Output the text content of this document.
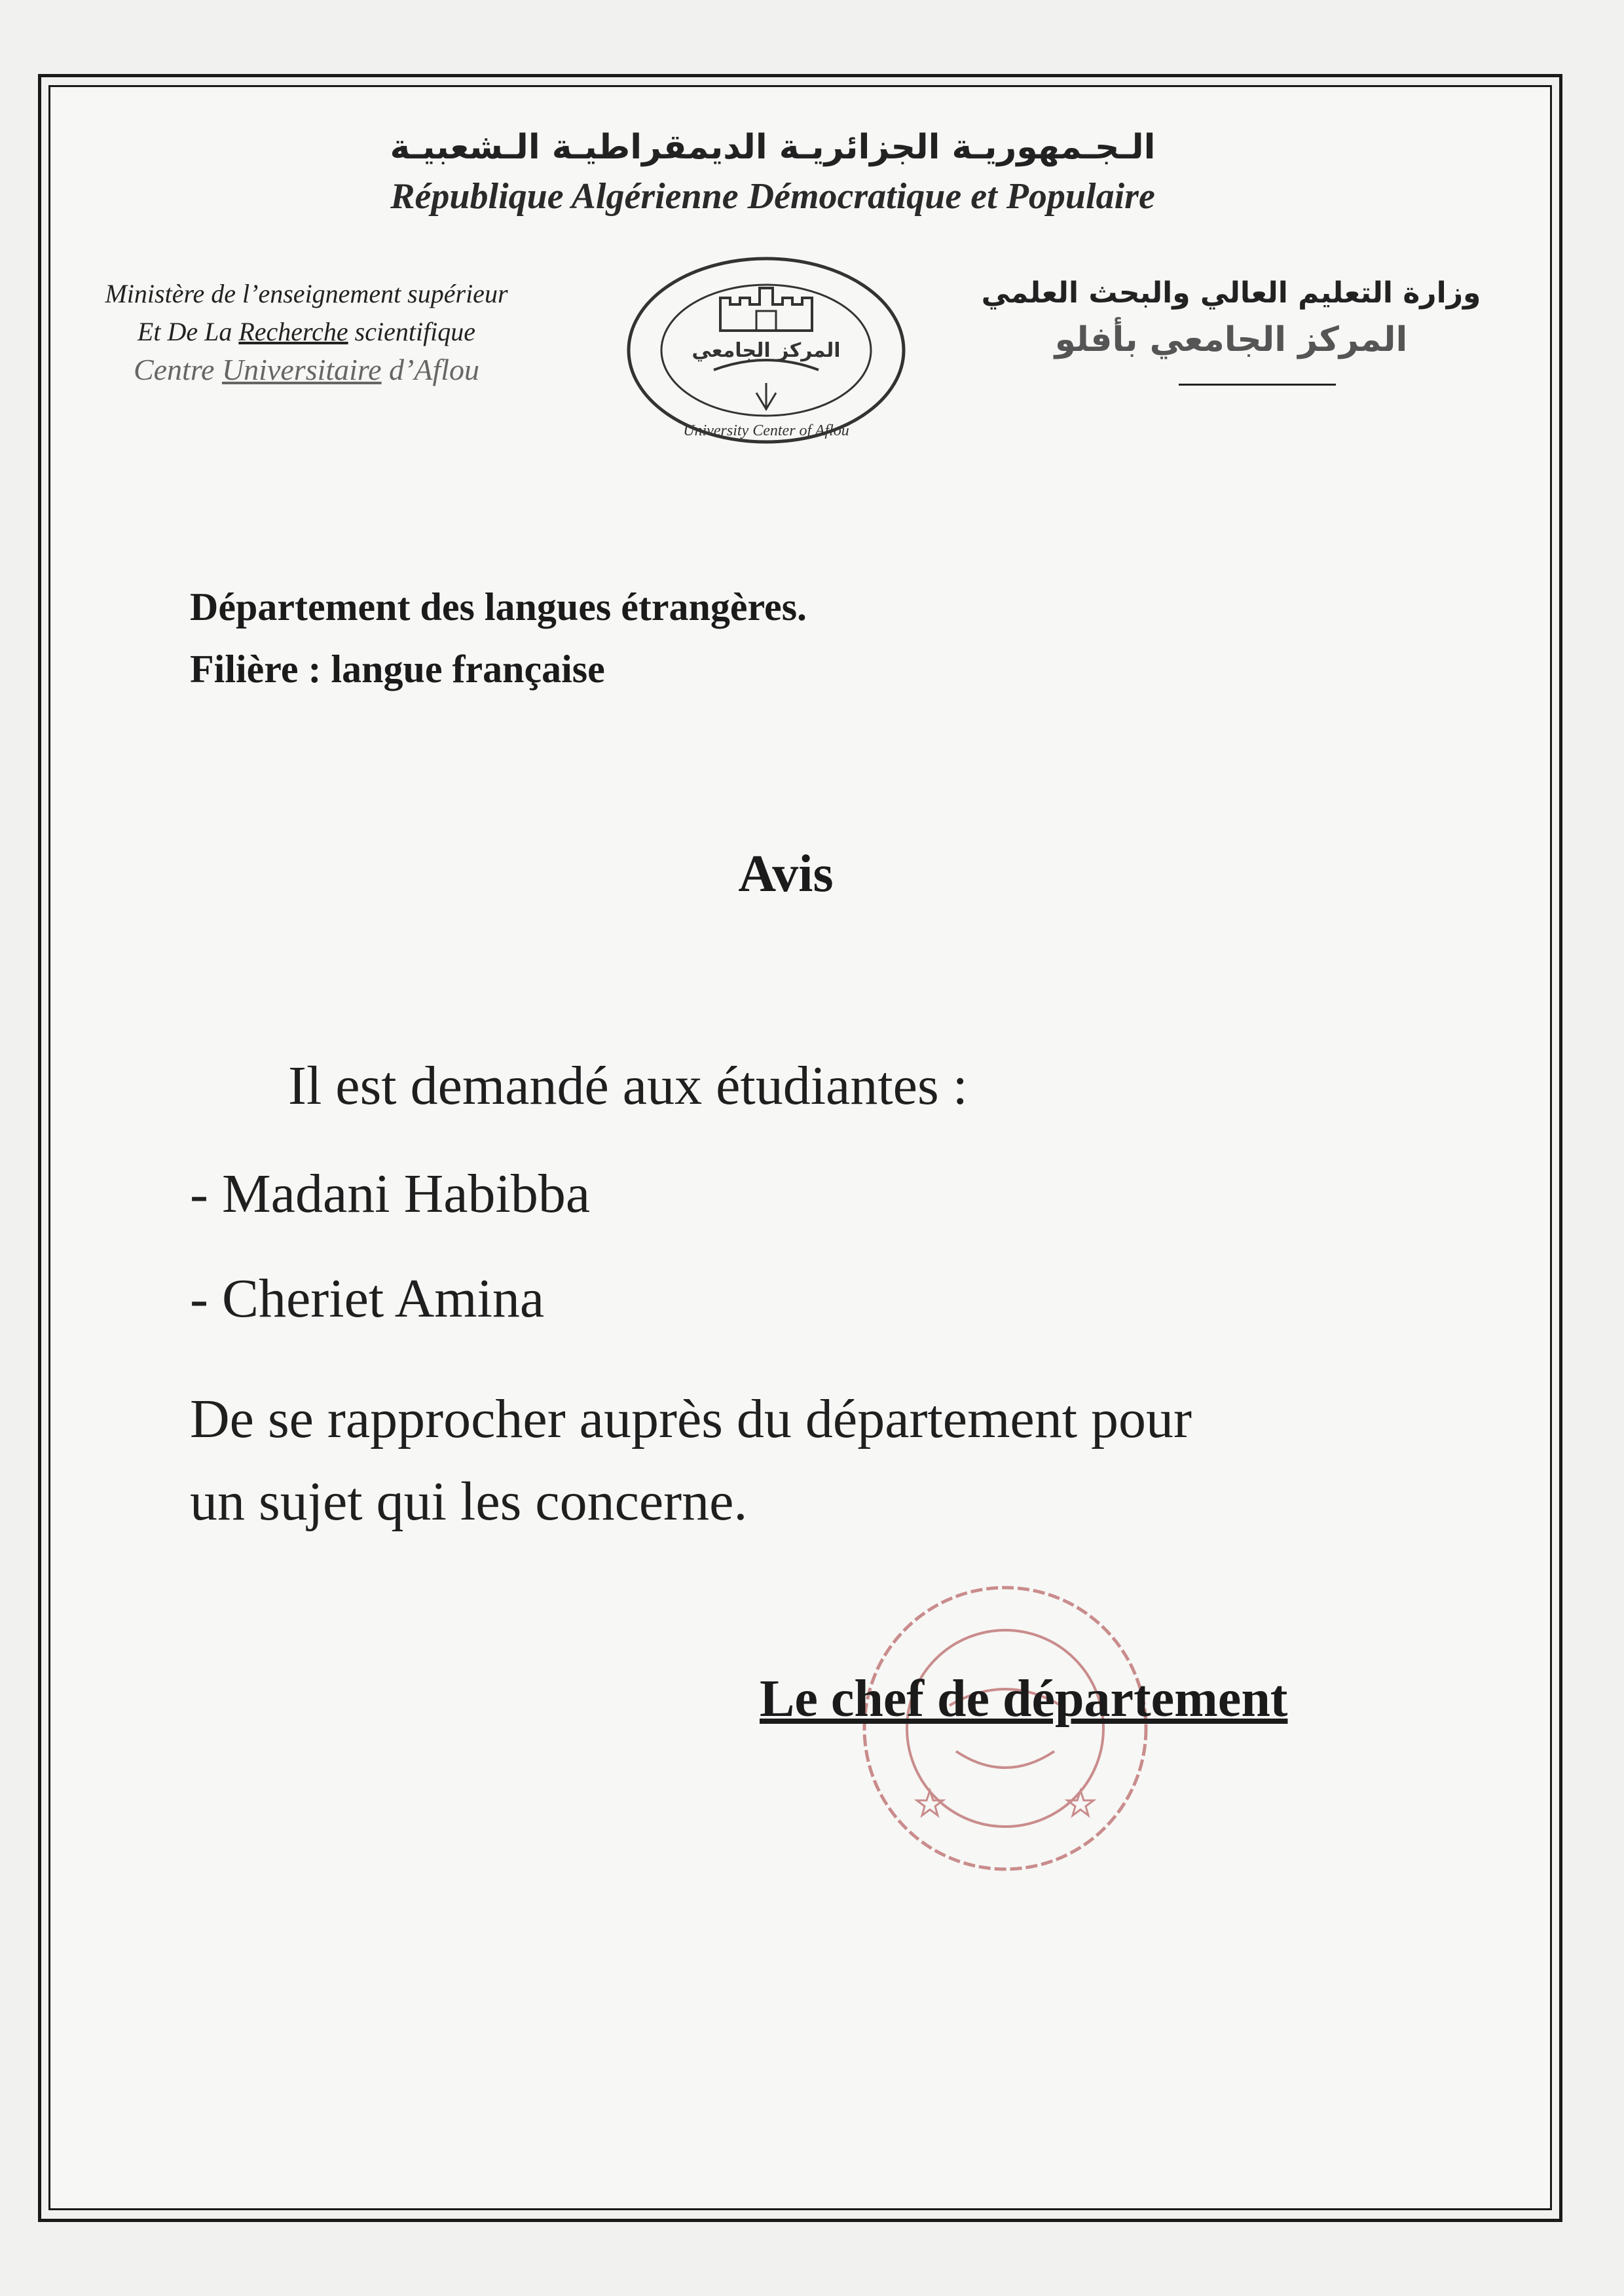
الـجـمهوريـة الجزائريـة الديمقراطيـة الـشعبيـة
République Algérienne Démocratique et Populaire
Ministère de l’enseignement supérieur
Et De La Recherche scientifique
Centre Universitaire d’Aflou
المركز الجامعي
University Center of Aflou
وزارة التعليم العالي والبحث العلمي
المركز الجامعي بأفلو
Département des langues étrangères.
Filière : langue française
Avis
Il est demandé aux étudiantes :
- Madani Habibba
- Cheriet Amina
De se rapprocher auprès du département pour
un sujet qui les concerne.
Le chef de département
